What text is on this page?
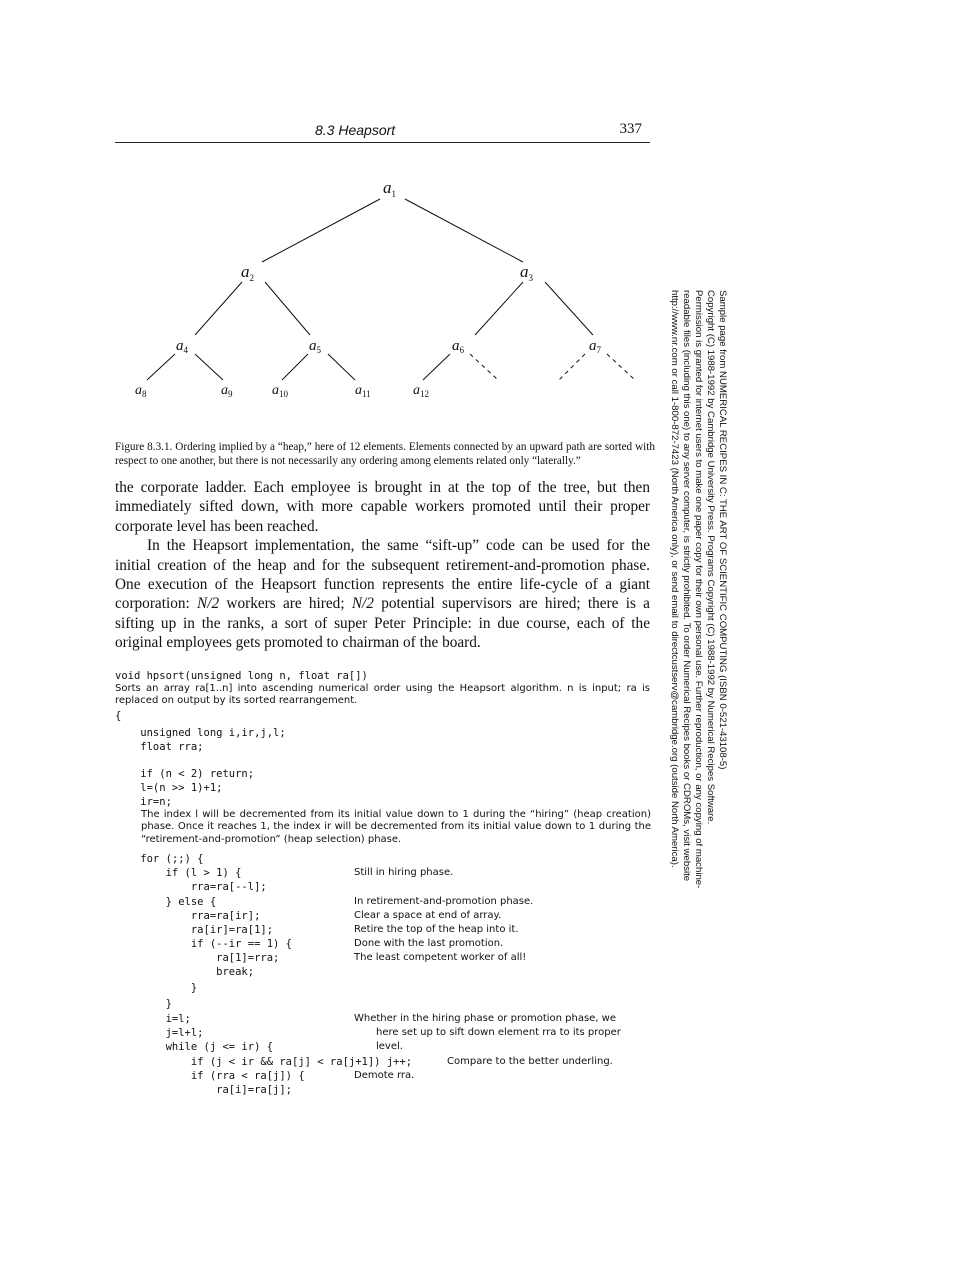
8.3 Heapsort	337
$a_1$
$a_2$	$a_3$
$a_4$	$a_5$	$a_6$	$a_7$
$a_8$	$a_9$	$a_{10}$	$a_{11}$	$a_{12}$
Figure 8.3.1. Ordering implied by a “heap,” here of 12 elements. Elements connected by an upward path are sorted with respect to one another, but there is not necessarily any ordering among elements related only “laterally.”

the corporate ladder. Each employee is brought in at the top of the tree, but then immediately sifted down, with more capable workers promoted until their proper corporate level has been reached.

In the Heapsort implementation, the same “sift-up” code can be used for the initial creation of the heap and for the subsequent retirement-and-promotion phase. One execution of the Heapsort function represents the entire life-cycle of a giant corporation: N/2 workers are hired; N/2 potential supervisors are hired; there is a sifting up in the ranks, a sort of super Peter Principle: in due course, each of the original employees gets promoted to chairman of the board.

void hpsort(unsigned long n, float ra[])

Sorts an array ra[1..n] into ascending numerical order using the Heapsort algorithm. n is input; ra is replaced on output by its sorted rearrangement.

{

unsigned long i,ir,j,l;

float rra;

if (n < 2) return;

l=(n >> 1)+1;

ir=n;

The index l will be decremented from its initial value down to 1 during the “hiring” (heap creation) phase. Once it reaches 1, the index ir will be decremented from its initial value down to 1 during the “retirement-and-promotion” (heap selection) phase.

for (;;) {

if (l > 1) {	Still in hiring phase.

rra=ra[--l];

} else {	In retirement-and-promotion phase.

rra=ra[ir];	Clear a space at end of array.

ra[ir]=ra[1];	Retire the top of the heap into it.

if (--ir == 1) {	Done with the last promotion.

ra[1]=rra;	The least competent worker of all!

break;

}

}

i=l;	Whether in the hiring phase or promotion phase, we

j=l+l;	here set up to sift down element rra to its proper

while (j <= ir) {	level.

if (j < ir && ra[j] < ra[j+1]) j++;	Compare to the better underling.

if (rra < ra[j]) {	Demote rra.

ra[i]=ra[j];

Sample page from NUMERICAL RECIPES IN C: THE ART OF SCIENTIFIC COMPUTING (ISBN 0-521-43108-5)
Copyright (C) 1988-1992 by Cambridge University Press. Programs Copyright (C) 1988-1992 by Numerical Recipes Software.
Permission is granted for internet users to make one paper copy for their own personal use. Further reproduction, or any copying of machine-
readable files (including this one) to any server computer, is strictly prohibited. To order Numerical Recipes books or CDROMs, visit website
http://www.nr.com or call 1-800-872-7423 (North America only), or send email to directcustserv@cambridge.org (outside North America).
